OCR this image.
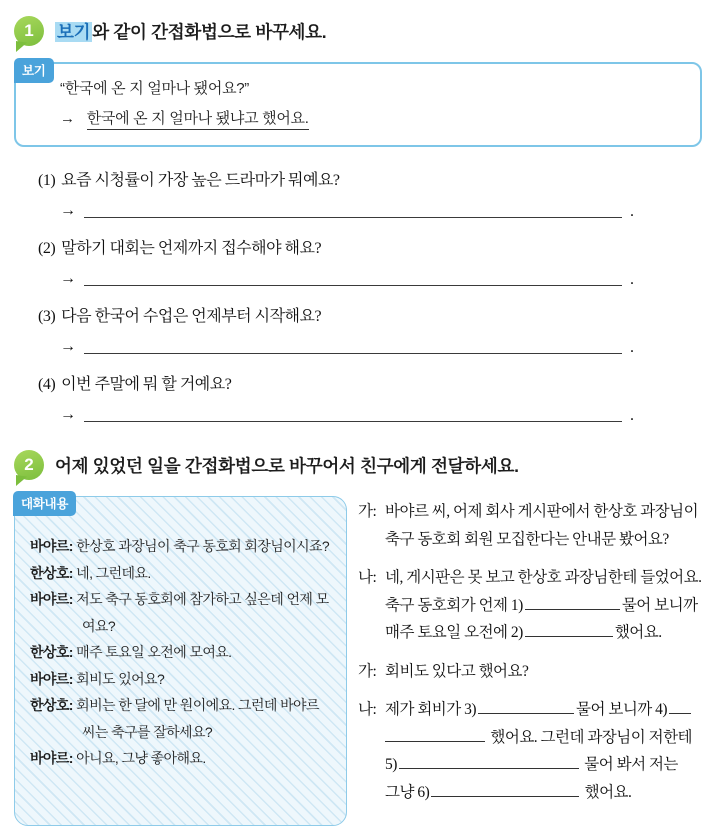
1 보기 와 같이 간접화법으로 바꾸세요.
보기
“한국에 온 지 얼마나 됐어요?”
→ 한국에 온 지 얼마나 됐냐고 했어요.
(1) 요즘 시청률이 가장 높은 드라마가 뭐예요?
→	.
(2) 말하기 대회는 언제까지 접수해야 해요?
→	.
(3) 다음 한국어 수업은 언제부터 시작해요?
→	.
(4) 이번 주말에 뭐 할 거예요?
→	.
2 어제 있었던 일을 간접화법으로 바꾸어서 친구에게 전달하세요.
대화내용
바야르: 한상호 과장님이 축구 동호회 회장님이시죠?
한상호: 네, 그런데요.
바야르: 저도 축구 동호회에 참가하고 싶은데 언제 모여요?
한상호: 매주 토요일 오전에 모여요.
바야르: 회비도 있어요?
한상호: 회비는 한 달에 만 원이에요. 그런데 바야르 씨는 축구를 잘하세요?
바야르: 아니요, 그냥 좋아해요.
가: 바야르 씨, 어제 회사 게시판에서 한상호 과장님이
축구 동호회 회원 모집한다는 안내문 봤어요?
나: 네, 게시판은 못 보고 한상호 과장님한테 들었어요.
축구 동호회가 언제 1)	물어 보니까
매주 토요일 오전에 2)	했어요.
가: 회비도 있다고 했어요?
나: 제가 회비가 3)	물어 보니까 4)
했어요. 그런데 과장님이 저한테
5)	물어 봐서 저는
그냥 6)	했어요.
